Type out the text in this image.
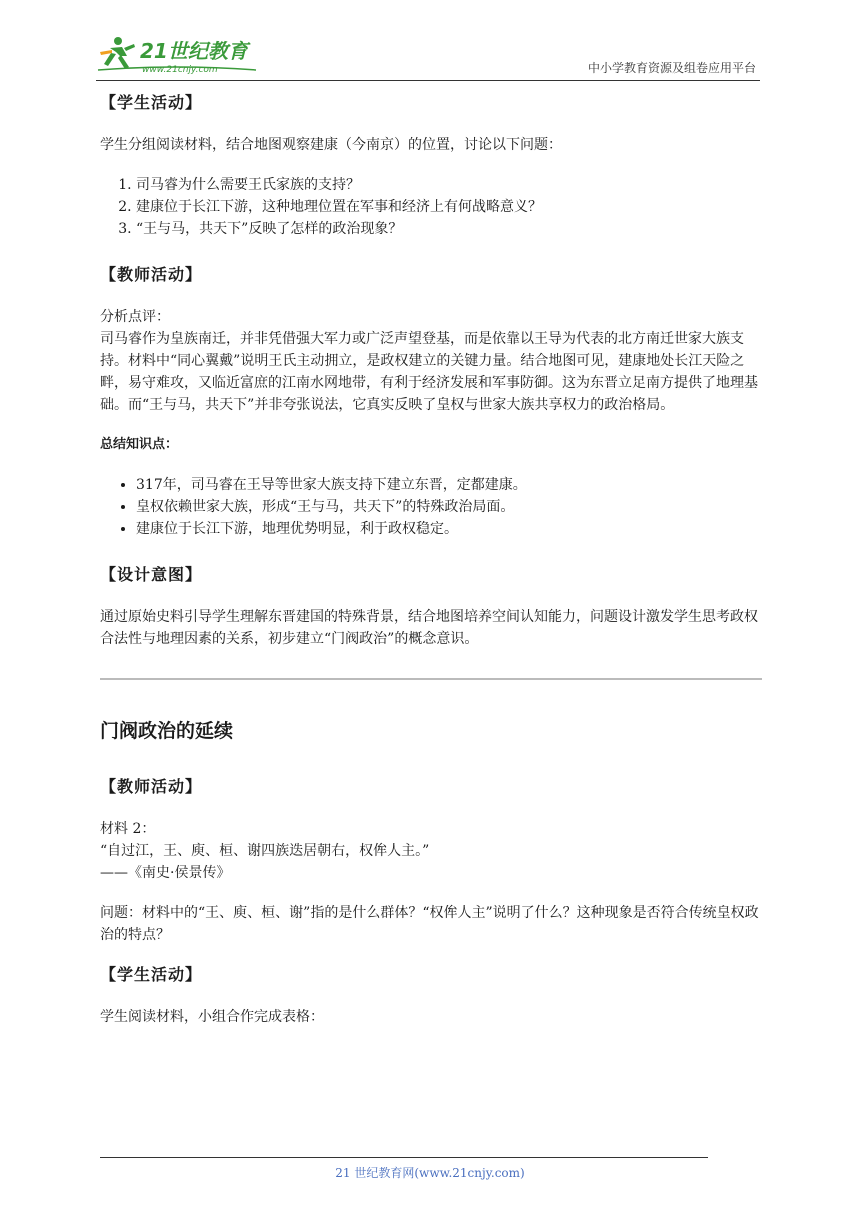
21世纪教育
www.21cnjy.com	中小学教育资源及组卷应用平台
【学生活动】

学生分组阅读材料，结合地图观察建康（今南京）的位置，讨论以下问题：

1. 司马睿为什么需要王氏家族的支持？
2. 建康位于长江下游，这种地理位置在军事和经济上有何战略意义？
3. “王与马，共天下”反映了怎样的政治现象？
【教师活动】
分析点评：

司马睿作为皇族南迁，并非凭借强大军力或广泛声望登基，而是依靠以王导为代表的北方南迁世家大族支持。材料中“同心翼戴”说明王氏主动拥立，是政权建立的关键力量。结合地图可见，建康地处长江天险之畔，易守难攻，又临近富庶的江南水网地带，有利于经济发展和军事防御。这为东晋立足南方提供了地理基础。而“王与马，共天下”并非夸张说法，它真实反映了皇权与世家大族共享权力的政治格局。

总结知识点：
• 317年，司马睿在王导等世家大族支持下建立东晋，定都建康。
• 皇权依赖世家大族，形成“王与马，共天下”的特殊政治局面。
• 建康位于长江下游，地理优势明显，利于政权稳定。
【设计意图】

通过原始史料引导学生理解东晋建国的特殊背景，结合地图培养空间认知能力，问题设计激发学生思考政权合法性与地理因素的关系，初步建立“门阀政治”的概念意识。

门阀政治的延续
【教师活动】
材料 2：
“自过江，王、庾、桓、谢四族迭居朝右，权侔人主。”

——《南史·侯景传》

问题：材料中的“王、庾、桓、谢”指的是什么群体？“权侔人主”说明了什么？这种现象是否符合传统皇权政治的特点？

【学生活动】

学生阅读材料，小组合作完成表格：

21 世纪教育网(www.21cnjy.com)
